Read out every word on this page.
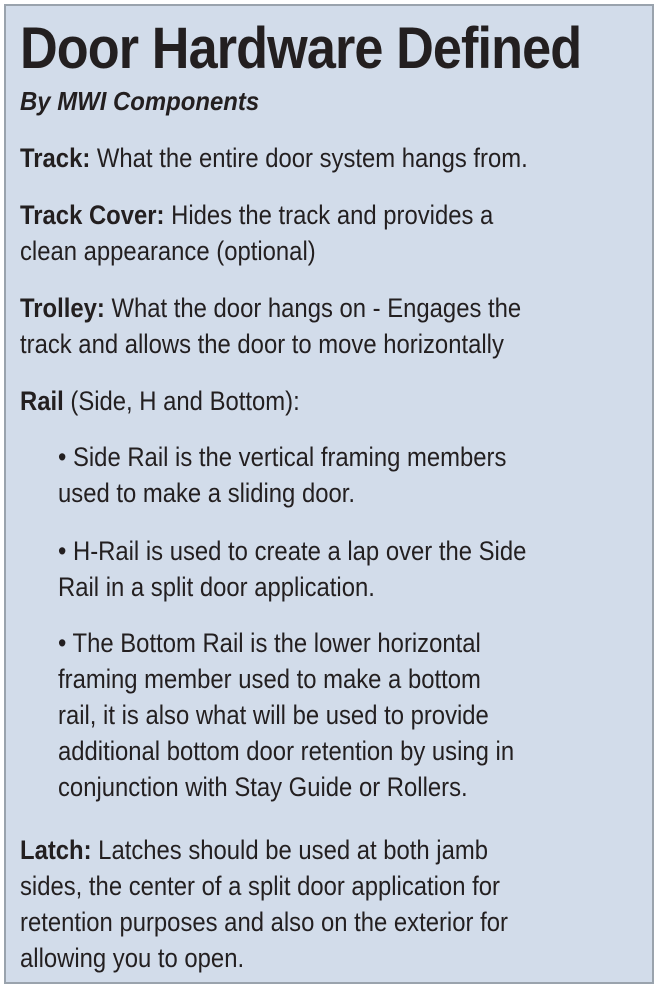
Door Hardware Defined
By MWI Components
Track: What the entire door system hangs from.
Track Cover: Hides the track and provides a
clean appearance (optional)
Trolley: What the door hangs on - Engages the
track and allows the door to move horizontally
Rail (Side, H and Bottom):
• Side Rail is the vertical framing members
used to make a sliding door.
• H-Rail is used to create a lap over the Side
Rail in a split door application.
• The Bottom Rail is the lower horizontal
framing member used to make a bottom
rail, it is also what will be used to provide
additional bottom door retention by using in
conjunction with Stay Guide or Rollers.
Latch: Latches should be used at both jamb
sides, the center of a split door application for
retention purposes and also on the exterior for
allowing you to open.
